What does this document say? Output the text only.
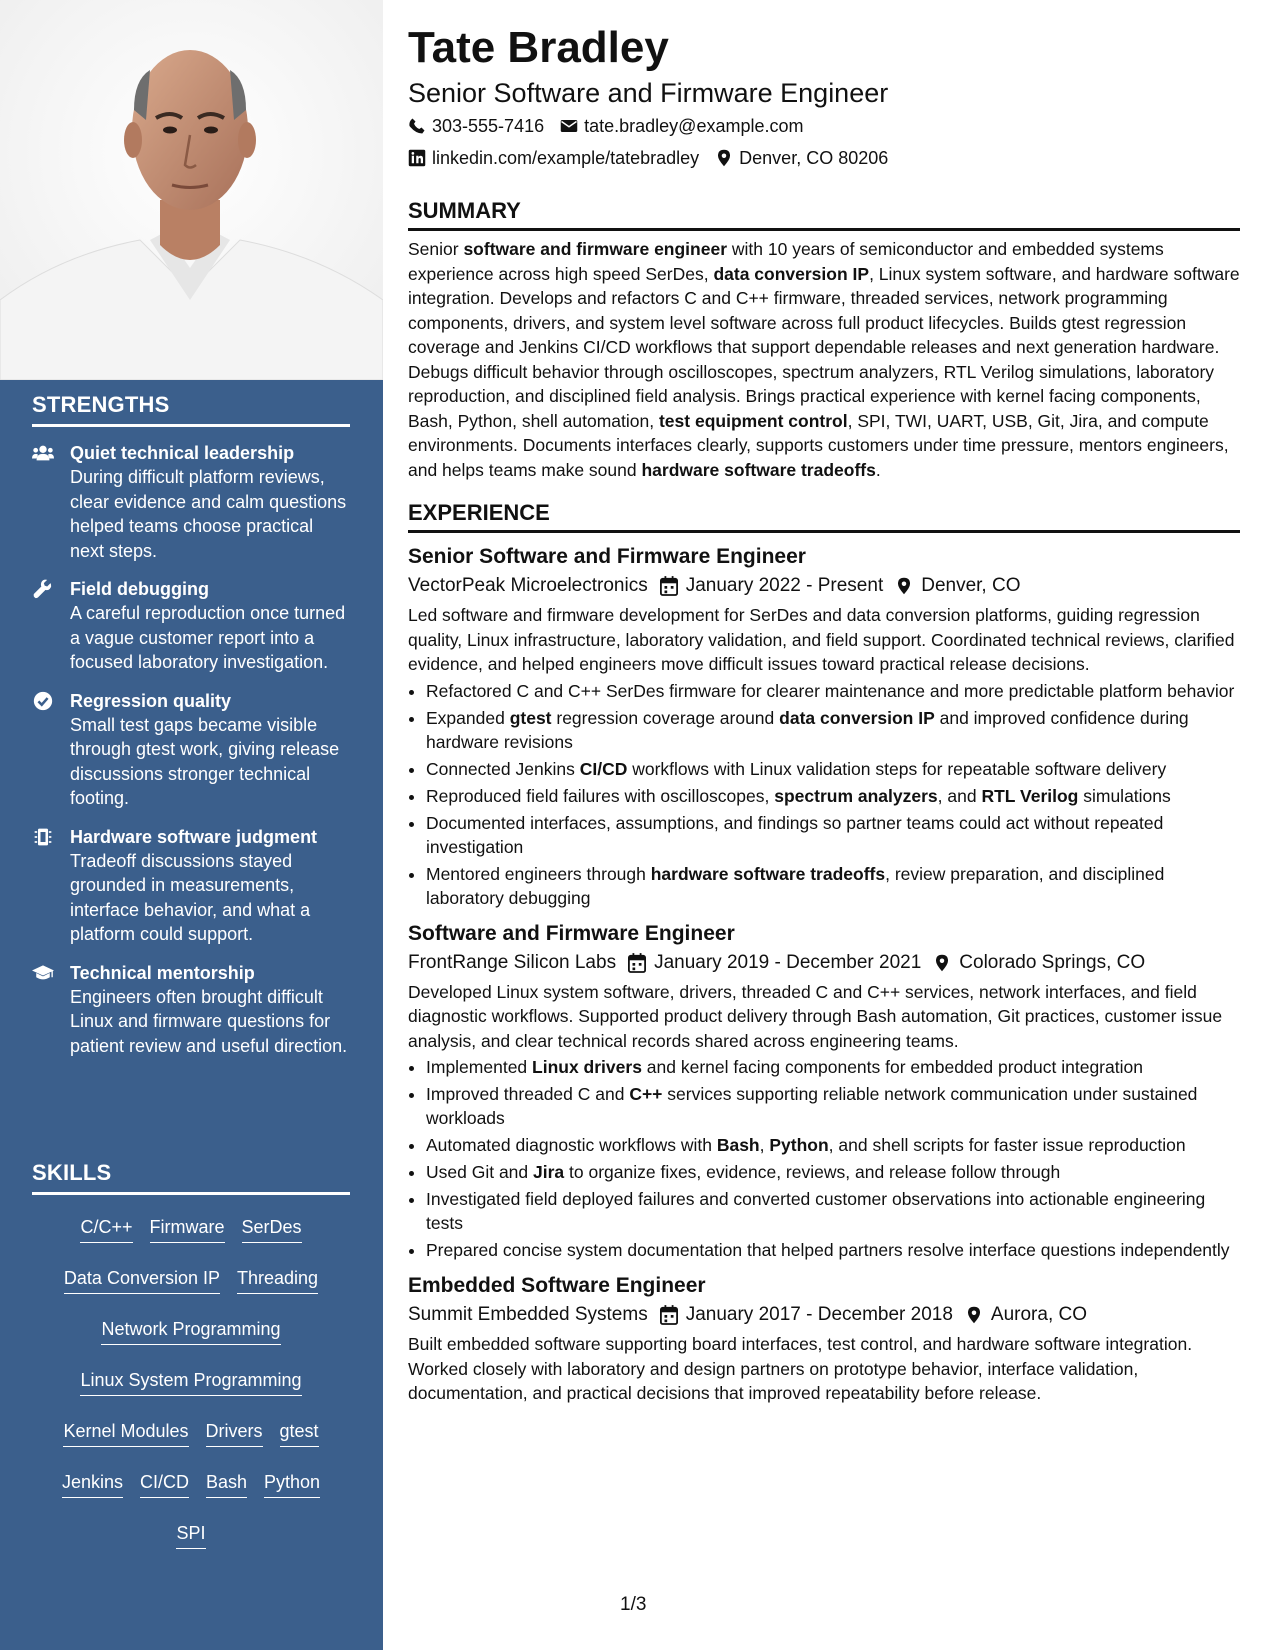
STRENGTHS
Quiet technical leadership
During difficult platform reviews, clear evidence and calm questions helped teams choose practical next steps.
Field debugging
A careful reproduction once turned a vague customer report into a focused laboratory investigation.
Regression quality
Small test gaps became visible through gtest work, giving release discussions stronger technical footing.
Hardware software judgment
Tradeoff discussions stayed grounded in measurements, interface behavior, and what a platform could support.
Technical mentorship
Engineers often brought difficult Linux and firmware questions for patient review and useful direction.
SKILLS
C/C++ Firmware SerDes
Data Conversion IP Threading
Network Programming
Linux System Programming
Kernel Modules Drivers gtest
Jenkins CI/CD Bash Python
SPI
Tate Bradley
Senior Software and Firmware Engineer
303-555-7416 tate.bradley@example.com
linkedin.com/example/tatebradley Denver, CO 80206
SUMMARY

Senior software and firmware engineer with 10 years of semiconductor and embedded systems experience across high speed SerDes, data conversion IP, Linux system software, and hardware software integration. Develops and refactors C and C++ firmware, threaded services, network programming components, drivers, and system level software across full product lifecycles. Builds gtest regression coverage and Jenkins CI/CD workflows that support dependable releases and next generation hardware. Debugs difficult behavior through oscilloscopes, spectrum analyzers, RTL Verilog simulations, laboratory reproduction, and disciplined field analysis. Brings practical experience with kernel facing components, Bash, Python, shell automation, test equipment control, SPI, TWI, UART, USB, Git, Jira, and compute environments. Documents interfaces clearly, supports customers under time pressure, mentors engineers, and helps teams make sound hardware software tradeoffs.

EXPERIENCE
Senior Software and Firmware Engineer
VectorPeak Microelectronics January 2022 - Present Denver, CO

Led software and firmware development for SerDes and data conversion platforms, guiding regression quality, Linux infrastructure, laboratory validation, and field support. Coordinated technical reviews, clarified evidence, and helped engineers move difficult issues toward practical release decisions.

• Refactored C and C++ SerDes firmware for clearer maintenance and more predictable platform behavior
• Expanded gtest regression coverage around data conversion IP and improved confidence during hardware revisions
• Connected Jenkins CI/CD workflows with Linux validation steps for repeatable software delivery
• Reproduced field failures with oscilloscopes, spectrum analyzers, and RTL Verilog simulations
• Documented interfaces, assumptions, and findings so partner teams could act without repeated investigation
• Mentored engineers through hardware software tradeoffs, review preparation, and disciplined laboratory debugging
Software and Firmware Engineer
FrontRange Silicon Labs January 2019 - December 2021 Colorado Springs, CO

Developed Linux system software, drivers, threaded C and C++ services, network interfaces, and field diagnostic workflows. Supported product delivery through Bash automation, Git practices, customer issue analysis, and clear technical records shared across engineering teams.

• Implemented Linux drivers and kernel facing components for embedded product integration
• Improved threaded C and C++ services supporting reliable network communication under sustained workloads
• Automated diagnostic workflows with Bash, Python, and shell scripts for faster issue reproduction
• Used Git and Jira to organize fixes, evidence, reviews, and release follow through
• Investigated field deployed failures and converted customer observations into actionable engineering tests
• Prepared concise system documentation that helped partners resolve interface questions independently
Embedded Software Engineer
Summit Embedded Systems January 2017 - December 2018 Aurora, CO

Built embedded software supporting board interfaces, test control, and hardware software integration. Worked closely with laboratory and design partners on prototype behavior, interface validation, documentation, and practical decisions that improved repeatability before release.

1/3
